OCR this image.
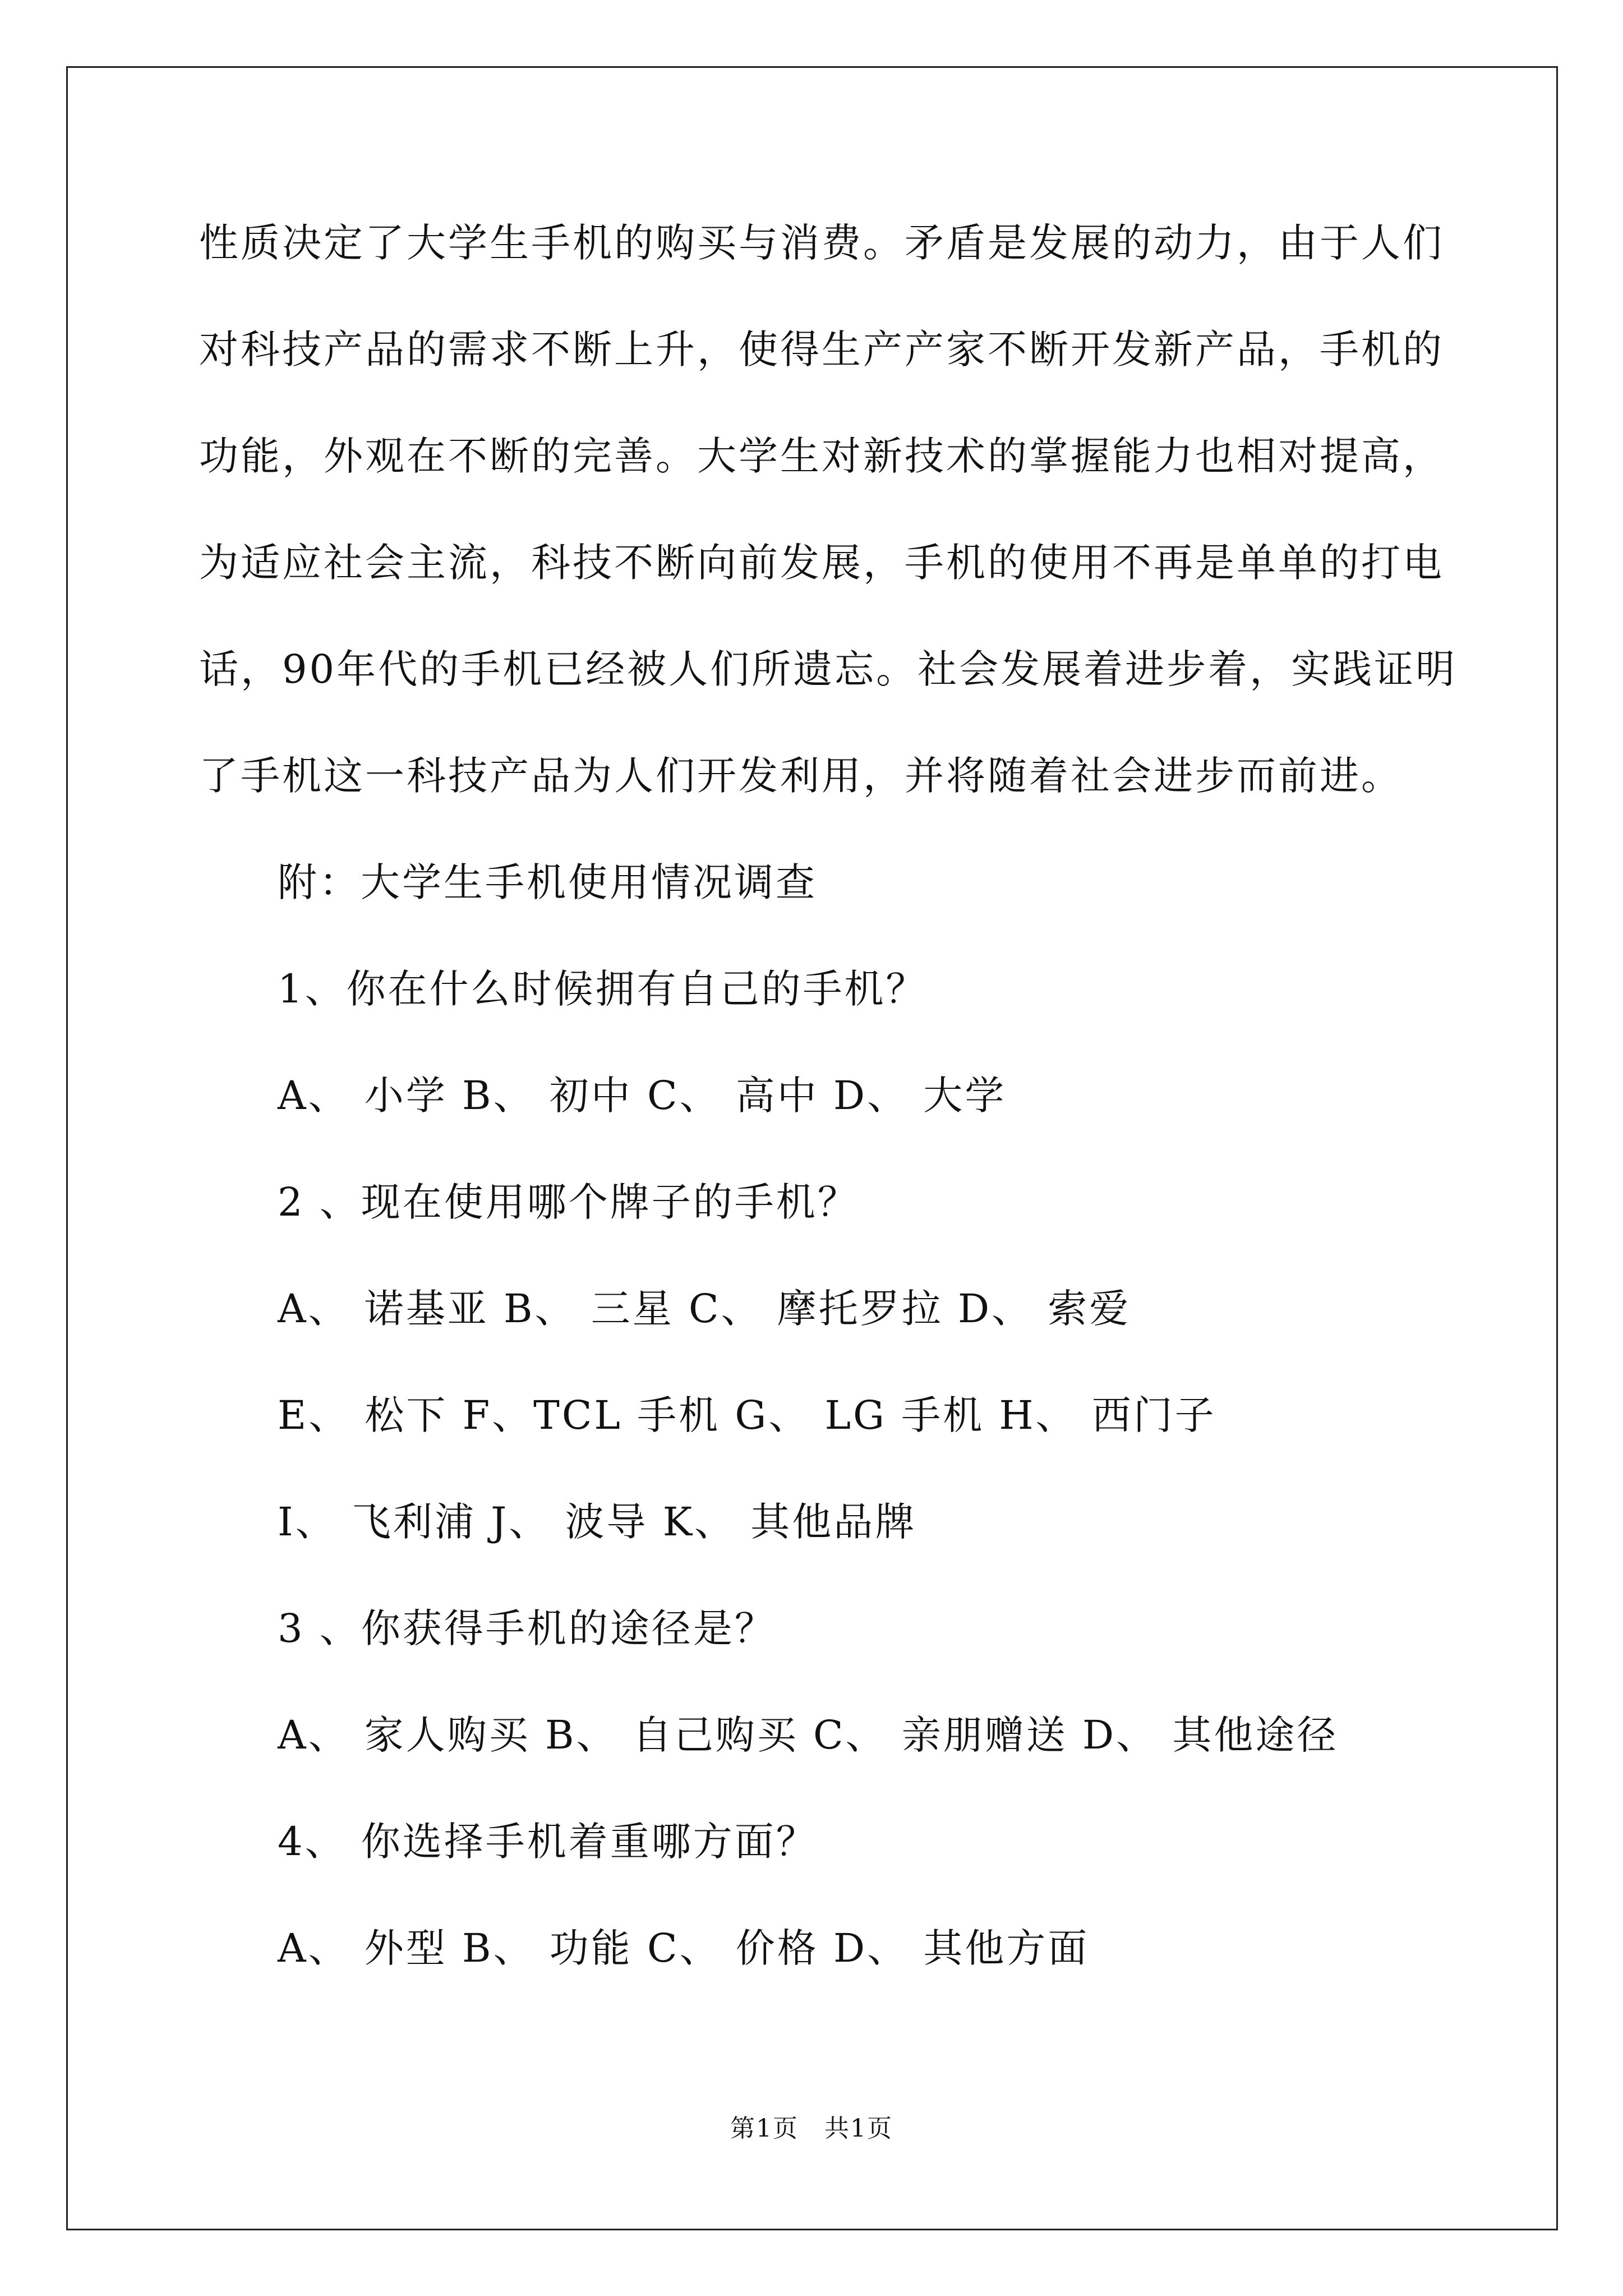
性质决定了大学生手机的购买与消费。矛盾是发展的动力，由于人们
对科技产品的需求不断上升，使得生产产家不断开发新产品，手机的
功能，外观在不断的完善。大学生对新技术的掌握能力也相对提高，
为适应社会主流，科技不断向前发展，手机的使用不再是单单的打电
话，90年代的手机已经被人们所遗忘。社会发展着进步着，实践证明
了手机这一科技产品为人们开发利用，并将随着社会进步而前进。
附：大学生手机使用情况调查
1、你在什么时候拥有自己的手机？
A、 小学 B、 初中 C、 高中 D、 大学
2 、现在使用哪个牌子的手机？
A、 诺基亚 B、 三星 C、 摩托罗拉 D、 索爱
E、 松下 F、TCL 手机 G、 LG 手机 H、 西门子
I、 飞利浦 J、 波导 K、 其他品牌
3 、你获得手机的途径是？
A、 家人购买 B、 自己购买 C、 亲朋赠送 D、 其他途径
4、 你选择手机着重哪方面？
A、 外型 B、 功能 C、 价格 D、 其他方面
第1页　共1页
